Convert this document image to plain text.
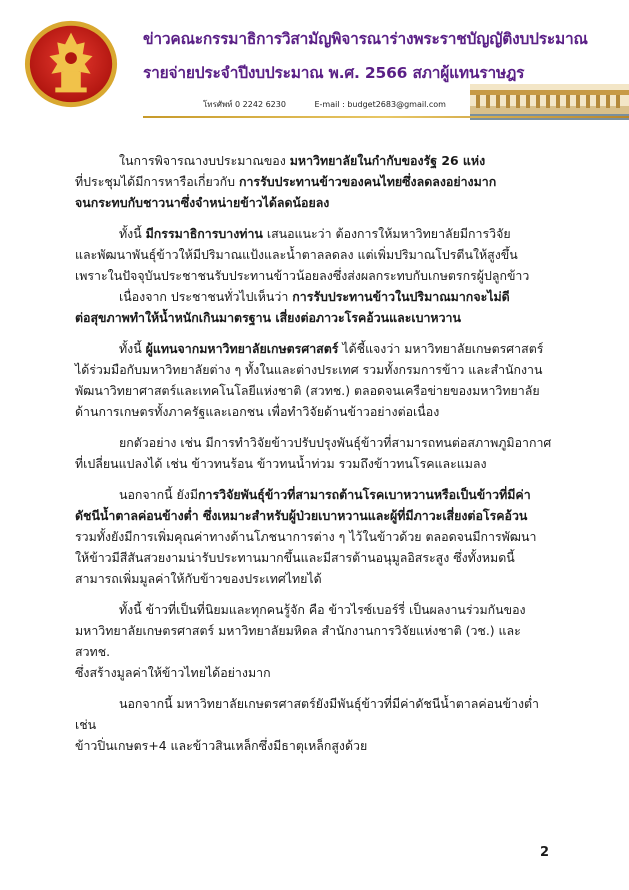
ข่าวคณะกรรมาธิการวิสามัญพิจารณาร่างพระราชบัญญัติงบประมาณ
รายจ่ายประจำปีงบประมาณ พ.ศ. 2566 สภาผู้แทนราษฎร
โทรศัพท์ 0 2242 6230	E-mail : budget2683@gmail.com
ในการพิจารณางบประมาณของ มหาวิทยาลัยในกำกับของรัฐ 26 แห่ง
ที่ประชุมได้มีการหารือเกี่ยวกับ การรับประทานข้าวของคนไทยซึ่งลดลงอย่างมาก
จนกระทบกับชาวนาซึ่งจำหน่ายข้าวได้ลดน้อยลง
ทั้งนี้ มีกรรมาธิการบางท่าน เสนอแนะว่า ต้องการให้มหาวิทยาลัยมีการวิจัย
และพัฒนาพันธุ์ข้าวให้มีปริมาณแป้งและน้ำตาลลดลง แต่เพิ่มปริมาณโปรตีนให้สูงขึ้น
เพราะในปัจจุบันประชาชนรับประทานข้าวน้อยลงซึ่งส่งผลกระทบกับเกษตรกรผู้ปลูกข้าว
เนื่องจาก ประชาชนทั่วไปเห็นว่า การรับประทานข้าวในปริมาณมากจะไม่ดี
ต่อสุขภาพทำให้น้ำหนักเกินมาตรฐาน เสี่ยงต่อภาวะโรคอ้วนและเบาหวาน
ทั้งนี้ ผู้แทนจากมหาวิทยาลัยเกษตรศาสตร์ ได้ชี้แจงว่า มหาวิทยาลัยเกษตรศาสตร์
ได้ร่วมมือกับมหาวิทยาลัยต่าง ๆ ทั้งในและต่างประเทศ รวมทั้งกรมการข้าว และสำนักงาน
พัฒนาวิทยาศาสตร์และเทคโนโลยีแห่งชาติ (สวทช.) ตลอดจนเครือข่ายของมหาวิทยาลัย
ด้านการเกษตรทั้งภาครัฐและเอกชน เพื่อทำวิจัยด้านข้าวอย่างต่อเนื่อง
ยกตัวอย่าง เช่น มีการทำวิจัยข้าวปรับปรุงพันธุ์ข้าวที่สามารถทนต่อสภาพภูมิอากาศ
ที่เปลี่ยนแปลงได้ เช่น ข้าวทนร้อน ข้าวทนน้ำท่วม รวมถึงข้าวทนโรคและแมลง
นอกจากนี้ ยังมีการวิจัยพันธุ์ข้าวที่สามารถต้านโรคเบาหวานหรือเป็นข้าวที่มีค่า
ดัชนีน้ำตาลค่อนข้างต่ำ ซึ่งเหมาะสำหรับผู้ป่วยเบาหวานและผู้ที่มีภาวะเสี่ยงต่อโรคอ้วน
รวมทั้งยังมีการเพิ่มคุณค่าทางด้านโภชนาการต่าง ๆ ไว้ในข้าวด้วย ตลอดจนมีการพัฒนา
ให้ข้าวมีสีสันสวยงามน่ารับประทานมากขึ้นและมีสารต้านอนุมูลอิสระสูง ซึ่งทั้งหมดนี้
สามารถเพิ่มมูลค่าให้กับข้าวของประเทศไทยได้
ทั้งนี้ ข้าวที่เป็นที่นิยมและทุกคนรู้จัก คือ ข้าวไรซ์เบอร์รี่ เป็นผลงานร่วมกันของ
มหาวิทยาลัยเกษตรศาสตร์ มหาวิทยาลัยมหิดล สำนักงานการวิจัยแห่งชาติ (วช.) และ สวทช.
ซึ่งสร้างมูลค่าให้ข้าวไทยได้อย่างมาก
นอกจากนี้ มหาวิทยาลัยเกษตรศาสตร์ยังมีพันธุ์ข้าวที่มีค่าดัชนีน้ำตาลค่อนข้างต่ำ เช่น
ข้าวปิ่นเกษตร+4 และข้าวสินเหล็กซึ่งมีธาตุเหล็กสูงด้วย
2
